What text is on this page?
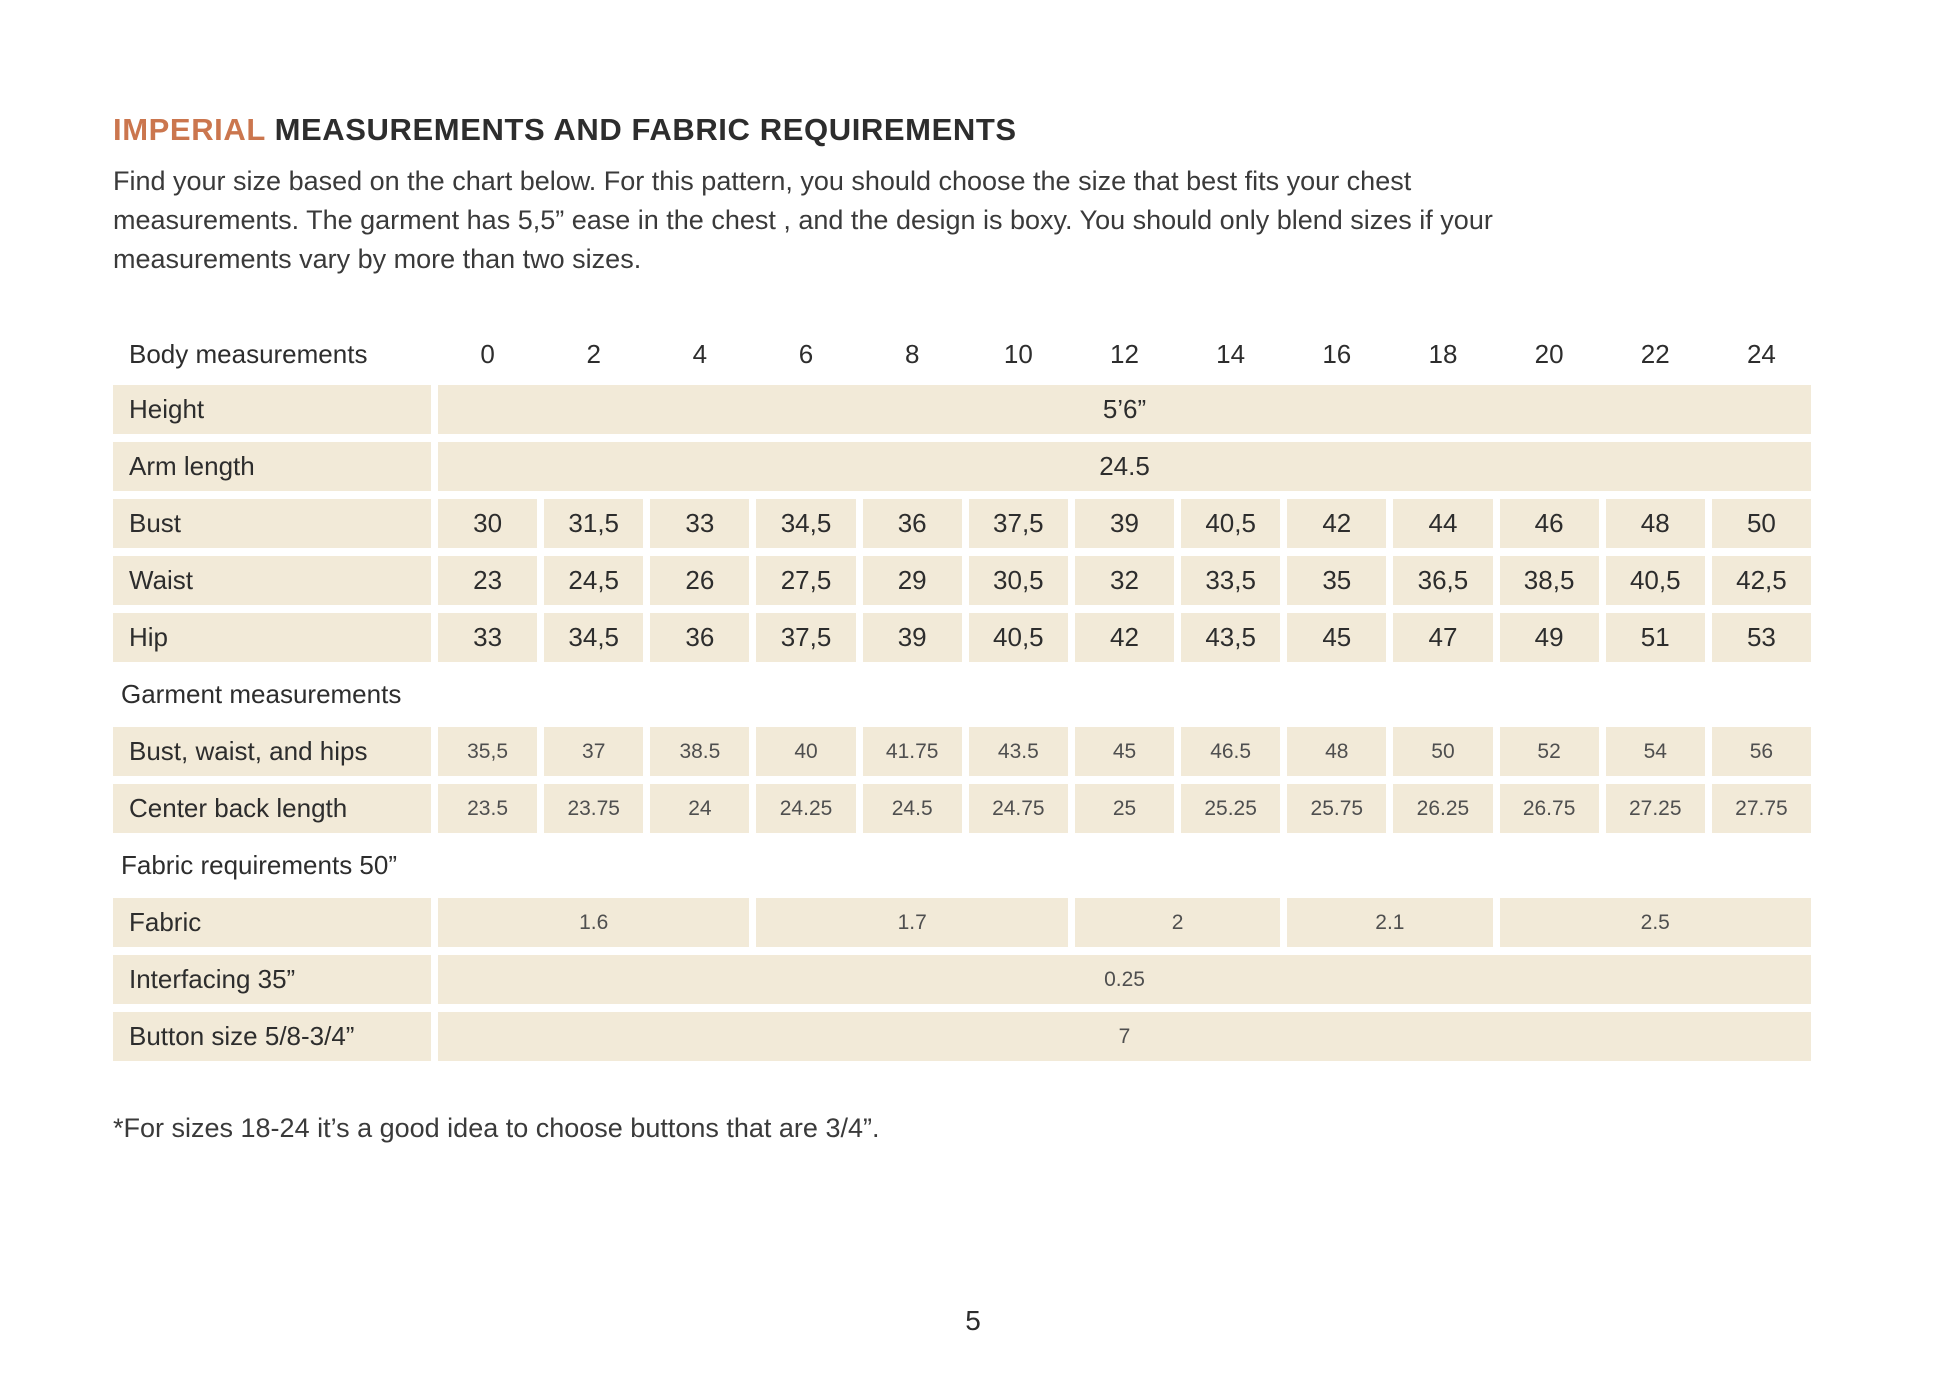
IMPERIAL MEASUREMENTS AND FABRIC REQUIREMENTS
Find your size based on the chart below. For this pattern, you should choose the size that best fits your chest
measurements. The garment has 5,5” ease in the chest , and the design is boxy. You should only blend sizes if your
measurements vary by more than two sizes.
Body measurements	0	2	4	6	8	10	12	14	16	18	20	22	24
Height	5’6”
Arm length	24.5
Bust	30	31,5	33	34,5	36	37,5	39	40,5	42	44	46	48	50
Waist	23	24,5	26	27,5	29	30,5	32	33,5	35	36,5	38,5	40,5	42,5
Hip	33	34,5	36	37,5	39	40,5	42	43,5	45	47	49	51	53
Garment measurements
Bust, waist, and hips	35,5	37	38.5	40	41.75	43.5	45	46.5	48	50	52	54	56
Center back length	23.5	23.75	24	24.25	24.5	24.75	25	25.25	25.75	26.25	26.75	27.25	27.75
Fabric requirements 50”
Fabric	1.6	1.7	2	2.1	2.5
Interfacing 35”	0.25
Button size 5/8-3/4”	7
*For sizes 18-24 it’s a good idea to choose buttons that are 3/4”.
5
